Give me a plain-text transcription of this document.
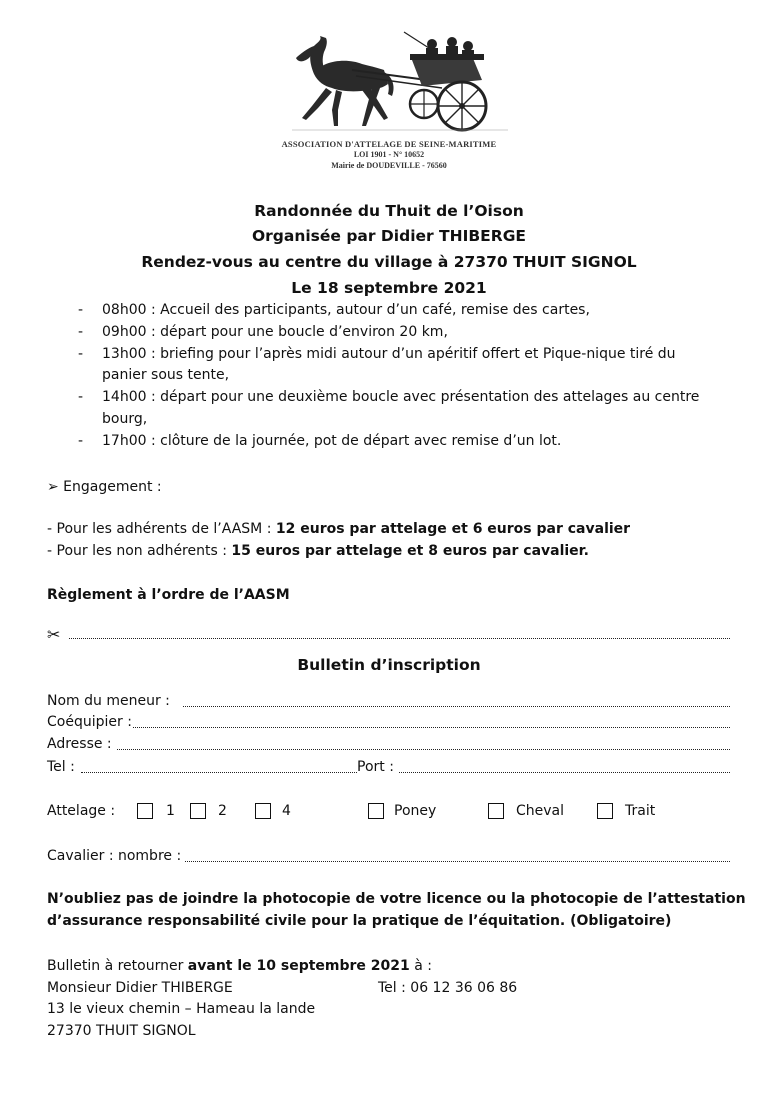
ASSOCIATION D'ATTELAGE DE SEINE-MARITIME
LOI 1901 - N° 10652
Mairie de DOUDEVILLE - 76560
Randonnée du Thuit de l’Oison
Organisée par Didier THIBERGE
Rendez-vous au centre du village à 27370 THUIT SIGNOL
Le 18 septembre 2021
- 08h00 : Accueil des participants, autour d’un café, remise des cartes,
- 09h00 : départ pour une boucle d’environ 20 km,
- 13h00 : briefing pour l’après midi autour d’un apéritif offert et Pique-nique tiré du
panier sous tente,
- 14h00 : départ pour une deuxième boucle avec présentation des attelages au centre
bourg,
- 17h00 : clôture de la journée, pot de départ avec remise d’un lot.
➢ Engagement :
- Pour les adhérents de l’AASM : 12 euros par attelage et 6 euros par cavalier
- Pour les non adhérents : 15 euros par attelage et 8 euros par cavalier.
Règlement à l’ordre de l’AASM
✂
Bulletin d’inscription
Nom du meneur :
Coéquipier :
Adresse :
Tel :	Port :
Attelage :	1	2	4	Poney	Cheval	Trait
Cavalier : nombre :
N’oubliez pas de joindre la photocopie de votre licence ou la photocopie de l’attestation
d’assurance responsabilité civile pour la pratique de l’équitation. (Obligatoire)
Bulletin à retourner avant le 10 septembre 2021 à :
Monsieur Didier THIBERGE	Tel : 06 12 36 06 86
13 le vieux chemin – Hameau la lande
27370 THUIT SIGNOL
